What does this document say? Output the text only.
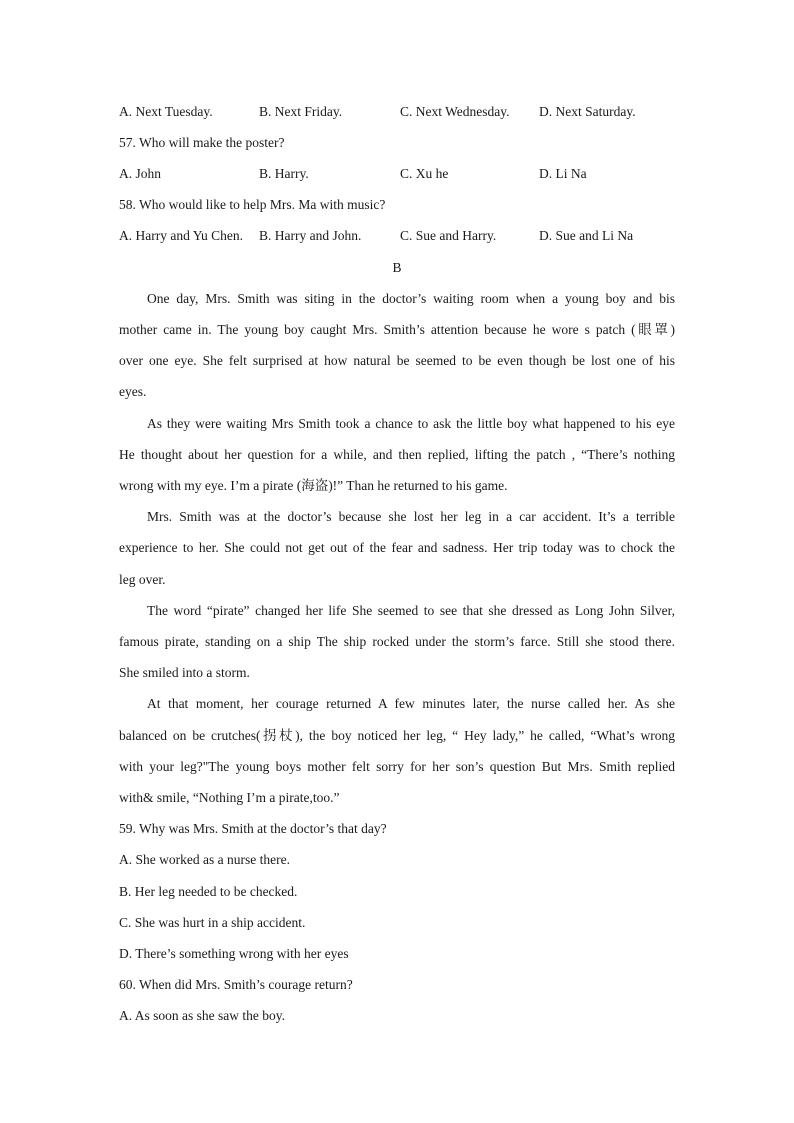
A. Next Tuesday.	B. Next Friday.	C. Next Wednesday. D. Next Saturday.
57. Who will make the poster?
A. John	B. Harry.	C. Xu he	D. Li Na
58. Who would like to help Mrs. Ma with music?
A. Harry and Yu Chen. B. Harry and John.	C. Sue and Harry.	D. Sue and Li Na
B
One day, Mrs. Smith was siting in the doctor’s waiting room when a young boy and bis
mother came in. The young boy caught Mrs. Smith’s attention because he wore s patch (眼罩)
over one eye. She felt surprised at how natural be seemed to be even though be lost one of his
eyes.
As they were waiting Mrs Smith took a chance to ask the little boy what happened to his eye
He thought about her question for a while, and then replied, lifting the patch , “There’s nothing
wrong with my eye. I’m a pirate (海盗)!” Than he returned to his game.
Mrs. Smith was at the doctor’s because she lost her leg in a car accident. It’s a terrible
experience to her. She could not get out of the fear and sadness. Her trip today was to chock the
leg over.
The word “pirate” changed her life She seemed to see that she dressed as Long John Silver,
famous pirate, standing on a ship The ship rocked under the storm’s farce. Still she stood there.
She smiled into a storm.
At that moment, her courage returned A few minutes later, the nurse called her. As she
balanced on be crutches(拐杖), the boy noticed her leg, “ Hey lady,” he called, “What’s wrong
with your leg?"The young boys mother felt sorry for her son’s question But Mrs. Smith replied
with& smile, “Nothing I’m a pirate,too.”
59. Why was Mrs. Smith at the doctor’s that day?
A. She worked as a nurse there.
B. Her leg needed to be checked.
C. She was hurt in a ship accident.
D. There’s something wrong with her eyes
60. When did Mrs. Smith’s courage return?
A. As soon as she saw the boy.
